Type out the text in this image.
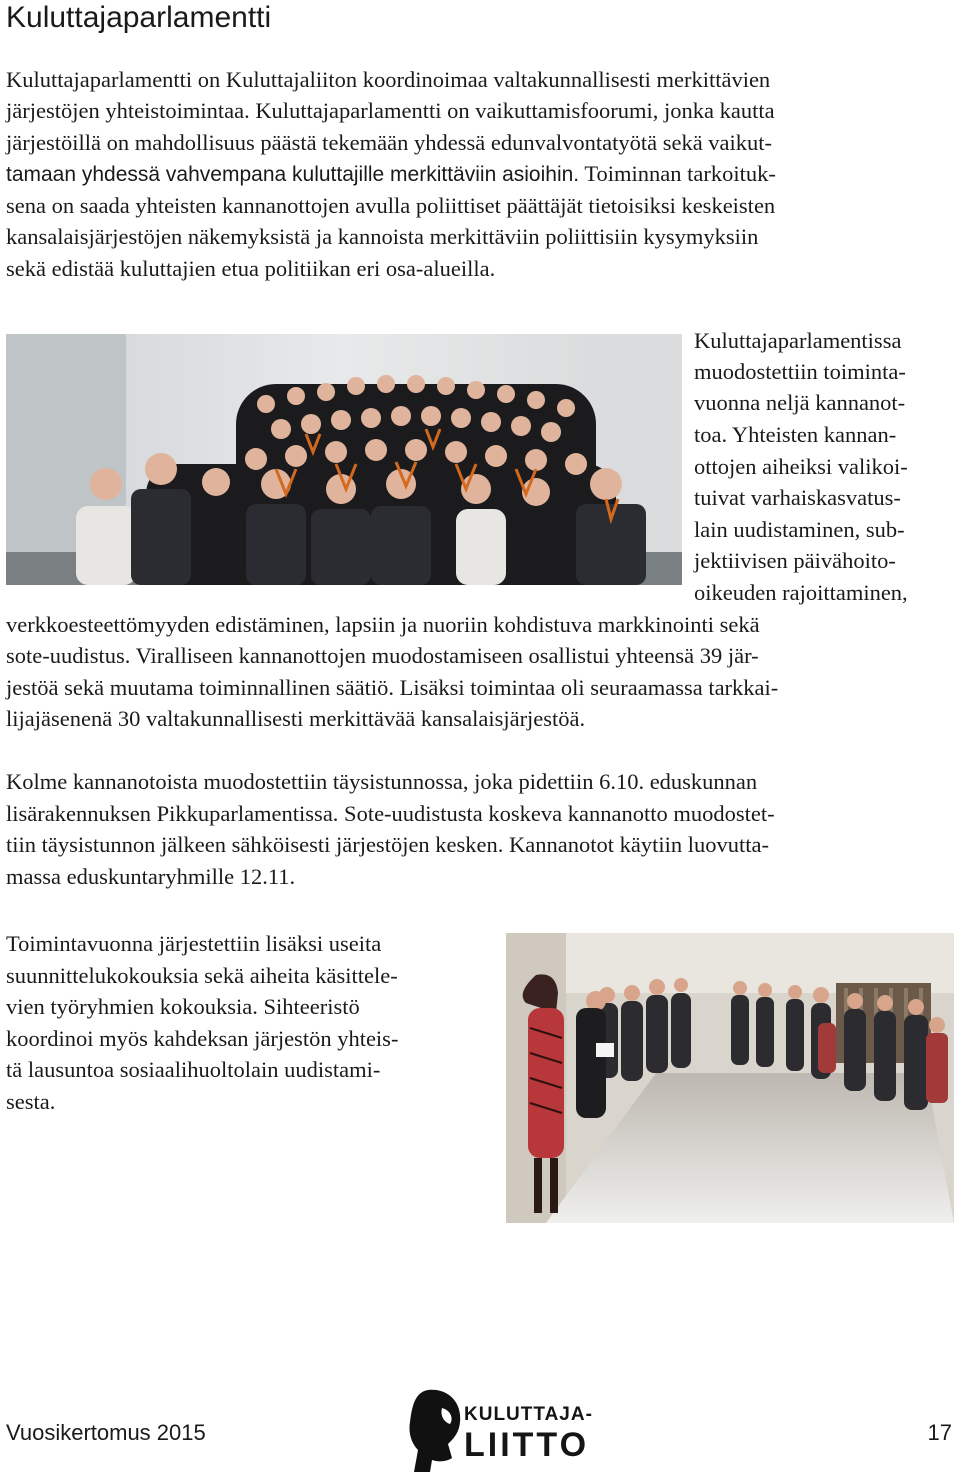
Kuluttajaparlamentti

Kuluttajaparlamentti on Kuluttajaliiton koordinoimaa valtakunnallisesti merkittävien

järjestöjen yhteistoimintaa. Kuluttajaparlamentti on vaikuttamisfoorumi, jonka kautta

järjestöillä on mahdollisuus päästä tekemään yhdessä edunvalvontatyötä sekä vaikut-

tamaan yhdessä vahvempana kuluttajille merkittäviin asioihin. Toiminnan tarkoituk-

sena on saada yhteisten kannanottojen avulla poliittiset päättäjät tietoisiksi keskeisten

kansalaisjärjestöjen näkemyksistä ja kannoista merkittäviin poliittisiin kysymyksiin

sekä edistää kuluttajien etua politiikan eri osa-alueilla.

Kuluttajaparlamentissa

muodostettiin toiminta-

vuonna neljä kannanot-

toa. Yhteisten kannan-

ottojen aiheiksi valikoi-

tuivat varhaiskasvatus-

lain uudistaminen, sub-

jektiivisen päivähoito-

oikeuden rajoittaminen,

verkkoesteettömyyden edistäminen, lapsiin ja nuoriin kohdistuva markkinointi sekä

sote-uudistus. Viralliseen kannanottojen muodostamiseen osallistui yhteensä 39 jär-

jestöä sekä muutama toiminnallinen säätiö. Lisäksi toimintaa oli seuraamassa tarkkai-

lijajäsenenä 30 valtakunnallisesti merkittävää kansalaisjärjestöä.

Kolme kannanotoista muodostettiin täysistunnossa, joka pidettiin 6.10. eduskunnan

lisärakennuksen Pikkuparlamentissa. Sote-uudistusta koskeva kannanotto muodostet-

tiin täysistunnon jälkeen sähköisesti järjestöjen kesken. Kannanotot käytiin luovutta-

massa eduskuntaryhmille 12.11.

Toimintavuonna järjestettiin lisäksi useita

suunnittelukokouksia sekä aiheita käsittele-

vien työryhmien kokouksia. Sihteeristö

koordinoi myös kahdeksan järjestön yhteis-

tä lausuntoa sosiaalihuoltolain uudistami-

sesta.

Vuosikertomus 2015
KULUTTAJA-
LIITTO	17
